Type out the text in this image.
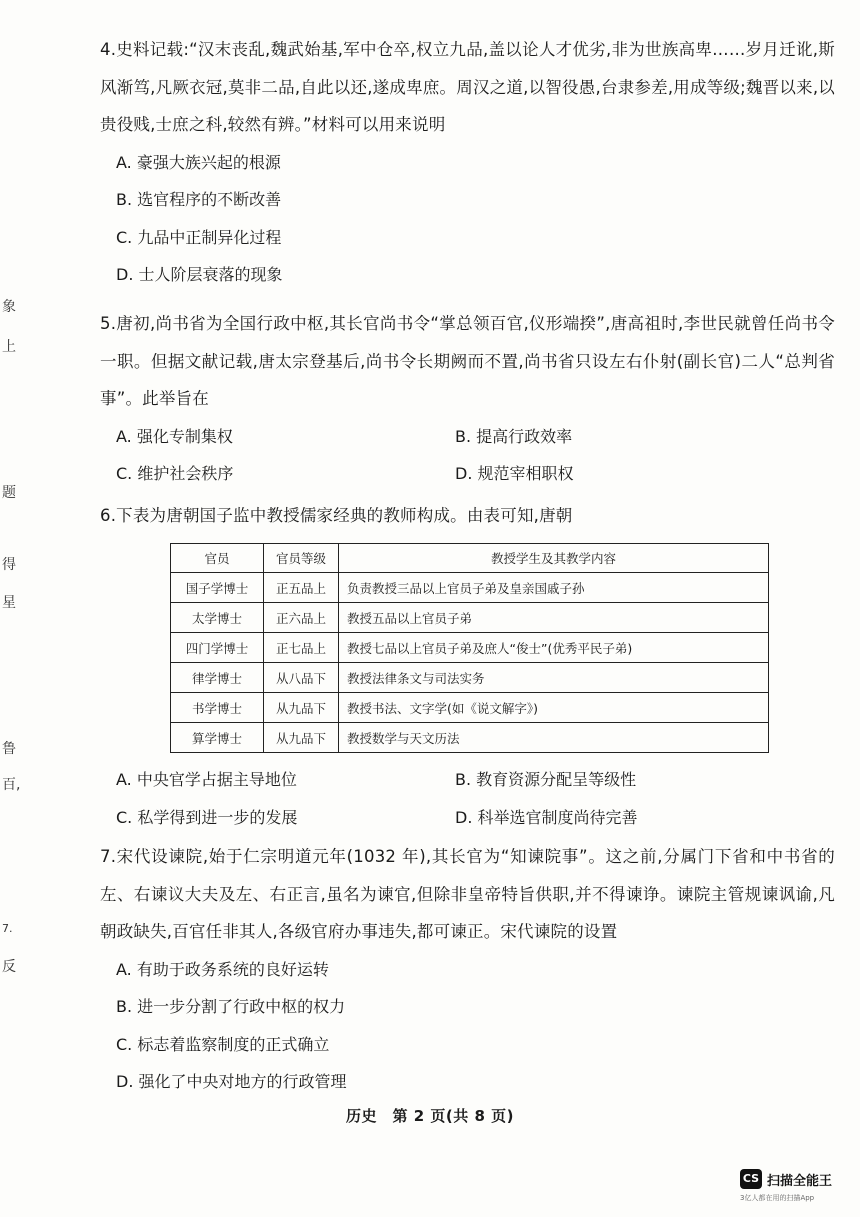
象
上
题
得
星
鲁
百,
7.
反
4.史料记载:“汉末丧乱,魏武始基,军中仓卒,权立九品,盖以论人才优劣,非为世族高卑……岁月迁讹,斯风渐笃,凡厥衣冠,莫非二品,自此以还,遂成卑庶。周汉之道,以智役愚,台隶参差,用成等级;魏晋以来,以贵役贱,士庶之科,较然有辨。”材料可以用来说明
A. 豪强大族兴起的根源
B. 选官程序的不断改善
C. 九品中正制异化过程
D. 士人阶层衰落的现象
5.唐初,尚书省为全国行政中枢,其长官尚书令“掌总领百官,仪形端揆”,唐高祖时,李世民就曾任尚书令一职。但据文献记载,唐太宗登基后,尚书令长期阙而不置,尚书省只设左右仆射(副长官)二人“总判省事”。此举旨在
A. 强化专制集权	B. 提高行政效率
C. 维护社会秩序	D. 规范宰相职权
6.下表为唐朝国子监中教授儒家经典的教师构成。由表可知,唐朝
官员	官员等级	教授学生及其教学内容
国子学博士	正五品上	负责教授三品以上官员子弟及皇亲国戚子孙
太学博士	正六品上	教授五品以上官员子弟
四门学博士	正七品上	教授七品以上官员子弟及庶人“俊士”(优秀平民子弟)
律学博士	从八品下	教授法律条文与司法实务
书学博士	从九品下	教授书法、文字学(如《说文解字》)
算学博士	从九品下	教授数学与天文历法
A. 中央官学占据主导地位	B. 教育资源分配呈等级性
C. 私学得到进一步的发展	D. 科举选官制度尚待完善
7.宋代设谏院,始于仁宗明道元年(1032 年),其长官为“知谏院事”。这之前,分属门下省和中书省的左、右谏议大夫及左、右正言,虽名为谏官,但除非皇帝特旨供职,并不得谏诤。谏院主管规谏讽谕,凡朝政缺失,百官任非其人,各级官府办事违失,都可谏正。宋代谏院的设置
A. 有助于政务系统的良好运转
B. 进一步分割了行政中枢的权力
C. 标志着监察制度的正式确立
D. 强化了中央对地方的行政管理
历史　第 2 页(共 8 页)
CS 扫描全能王
3亿人都在用的扫描App
